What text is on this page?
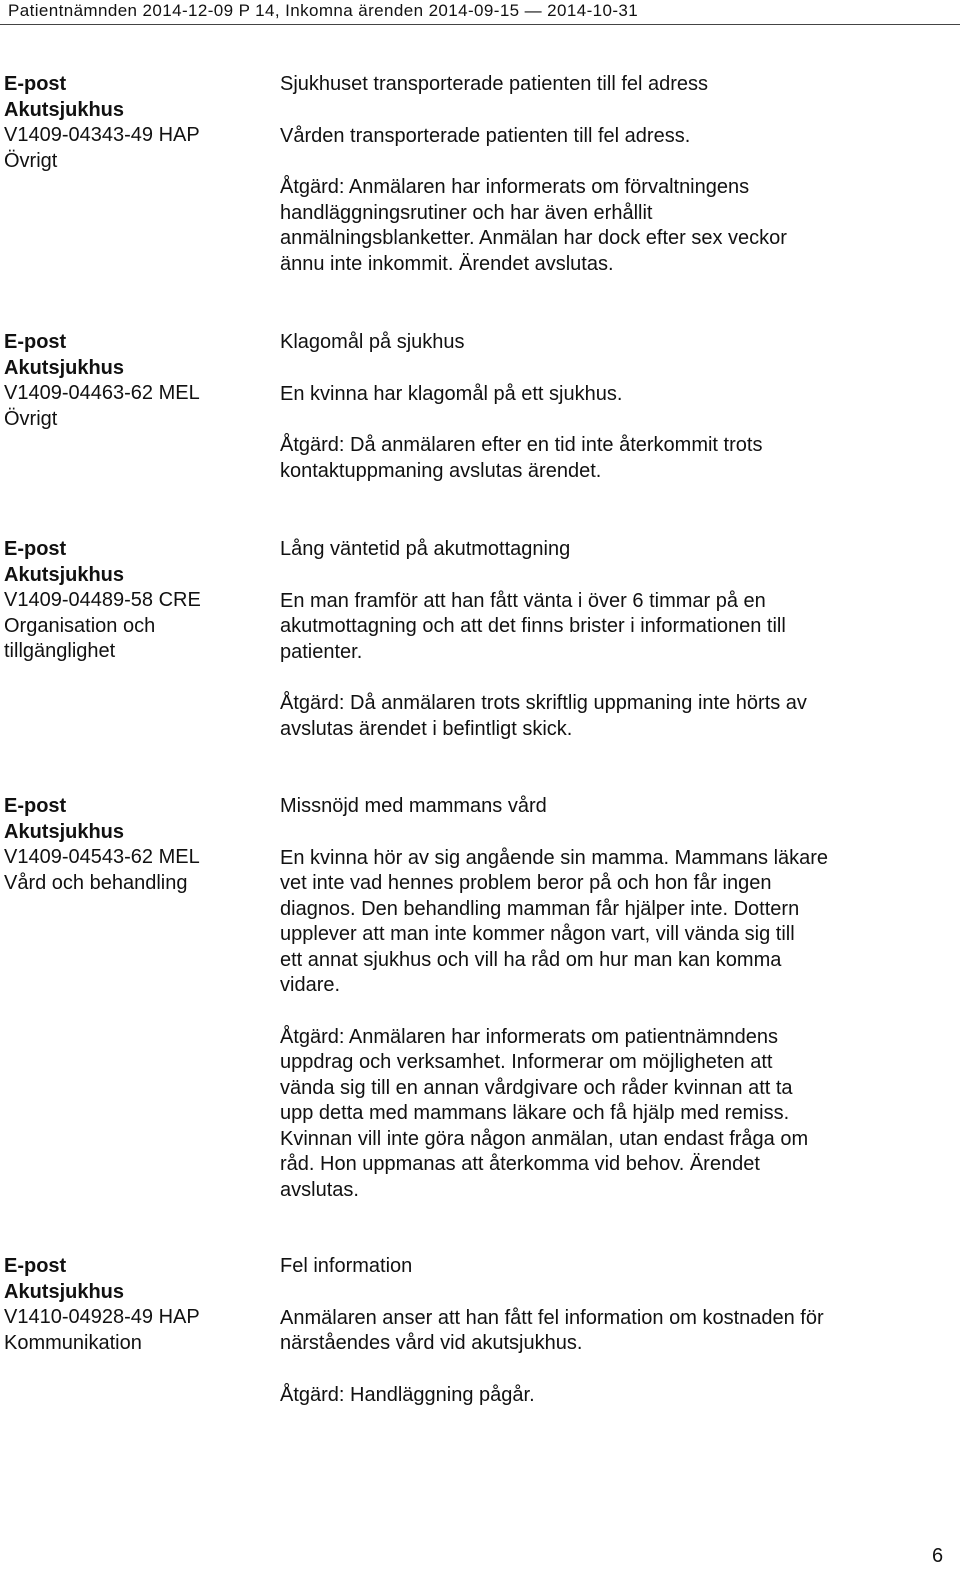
Patientnämnden 2014-12-09 P 14, Inkomna ärenden 2014-09-15 — 2014-10-31
E-post
Akutsjukhus
V1409-04343-49 HAP
Övrigt
Sjukhuset transporterade patienten till fel adress
Vården transporterade patienten till fel adress.
Åtgärd: Anmälaren har informerats om förvaltningens
handläggningsrutiner och har även erhållit
anmälningsblanketter. Anmälan har dock efter sex veckor
ännu inte inkommit. Ärendet avslutas.
E-post
Akutsjukhus
V1409-04463-62 MEL
Övrigt
Klagomål på sjukhus
En kvinna har klagomål på ett sjukhus.
Åtgärd: Då anmälaren efter en tid inte återkommit trots
kontaktuppmaning avslutas ärendet.
E-post
Akutsjukhus
V1409-04489-58 CRE
Organisation och
tillgänglighet
Lång väntetid på akutmottagning
En man framför att han fått vänta i över 6 timmar på en
akutmottagning och att det finns brister i informationen till
patienter.
Åtgärd: Då anmälaren trots skriftlig uppmaning inte hörts av
avslutas ärendet i befintligt skick.
E-post
Akutsjukhus
V1409-04543-62 MEL
Vård och behandling
Missnöjd med mammans vård
En kvinna hör av sig angående sin mamma. Mammans läkare
vet inte vad hennes problem beror på och hon får ingen
diagnos. Den behandling mamman får hjälper inte. Dottern
upplever att man inte kommer någon vart, vill vända sig till
ett annat sjukhus och vill ha råd om hur man kan komma
vidare.
Åtgärd: Anmälaren har informerats om patientnämndens
uppdrag och verksamhet. Informerar om möjligheten att
vända sig till en annan vårdgivare och råder kvinnan att ta
upp detta med mammans läkare och få hjälp med remiss.
Kvinnan vill inte göra någon anmälan, utan endast fråga om
råd. Hon uppmanas att återkomma vid behov. Ärendet
avslutas.
E-post
Akutsjukhus
V1410-04928-49 HAP
Kommunikation
Fel information
Anmälaren anser att han fått fel information om kostnaden för
närståendes vård vid akutsjukhus.
Åtgärd: Handläggning pågår.
6
